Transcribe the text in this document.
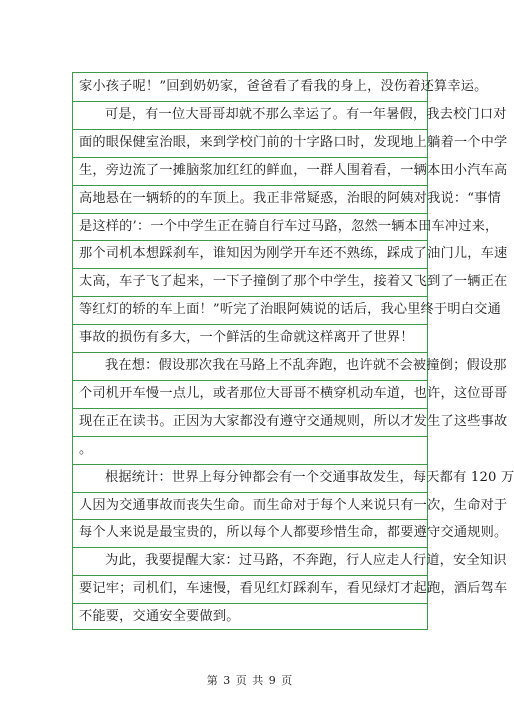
家小孩子呢！”回到奶奶家，爸爸看了看我的身上，没伤着还算幸运。
可是，有一位大哥哥却就不那么幸运了。有一年暑假，我去校门口对
面的眼保健室治眼，来到学校门前的十字路口时，发现地上躺着一个中学
生，旁边流了一摊脑浆加红红的鲜血，一群人围着看，一辆本田小汽车高
高地悬在一辆轿的的车顶上。我正非常疑惑，治眼的阿姨对我说：“事情
是这样的’：一个中学生正在骑自行车过马路，忽然一辆本田车冲过来，
那个司机本想踩刹车，谁知因为刚学开车还不熟练，踩成了油门儿，车速
太高，车子飞了起来，一下子撞倒了那个中学生，接着又飞到了一辆正在
等红灯的轿的车上面！”听完了治眼阿姨说的话后，我心里终于明白交通
事故的损伤有多大，一个鲜活的生命就这样离开了世界！
我在想：假设那次我在马路上不乱奔跑，也许就不会被撞倒；假设那
个司机开车慢一点儿，或者那位大哥哥不横穿机动车道，也许，这位哥哥
现在正在读书。正因为大家都没有遵守交通规则，所以才发生了这些事故
。
根据统计：世界上每分钟都会有一个交通事故发生，每天都有 120 万
人因为交通事故而丧失生命。而生命对于每个人来说只有一次，生命对于
每个人来说是最宝贵的，所以每个人都要珍惜生命，都要遵守交通规则。
为此，我要提醒大家：过马路，不奔跑，行人应走人行道，安全知识
要记牢；司机们，车速慢，看见红灯踩刹车，看见绿灯才起跑，酒后驾车
不能要，交通安全要做到。
第 3 页 共 9 页
